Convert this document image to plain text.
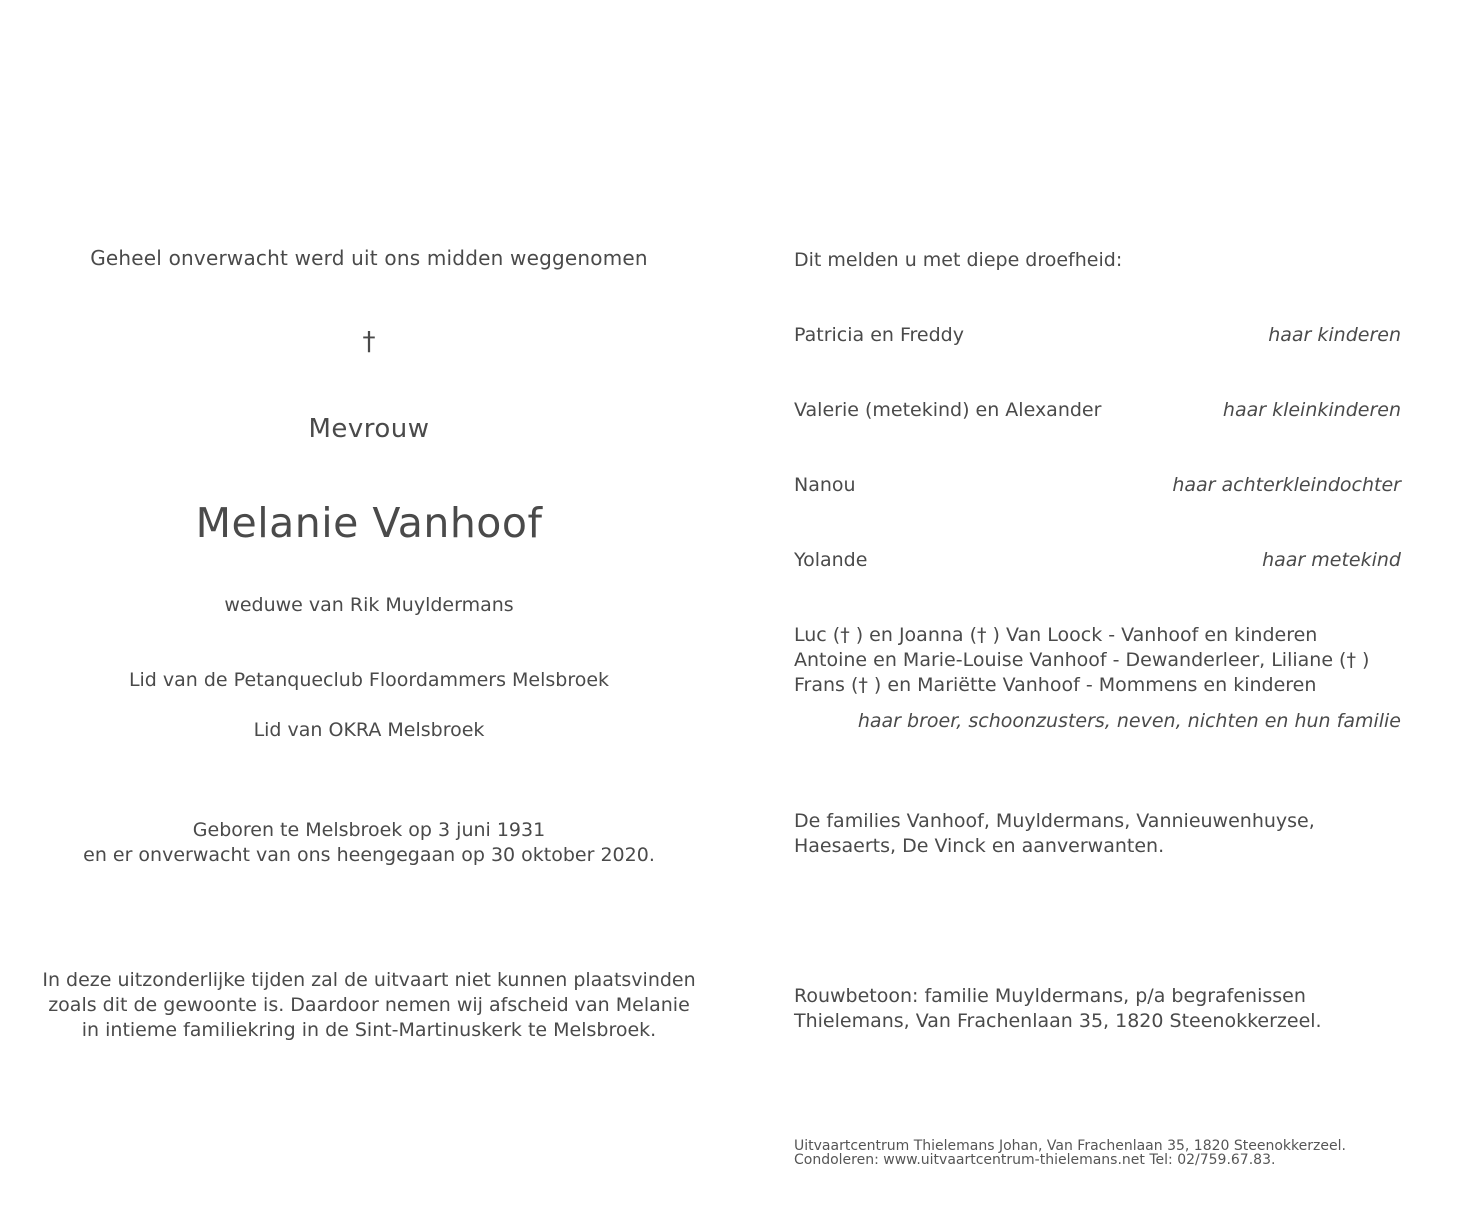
Geheel onverwacht werd uit ons midden weggenomen

†

Mevrouw

Melanie Vanhoof

weduwe van Rik Muyldermans

Lid van de Petanqueclub Floordammers Melsbroek

Lid van OKRA Melsbroek

Geboren te Melsbroek op 3 juni 1931
en er onverwacht van ons heengegaan op 30 oktober 2020.
In deze uitzonderlijke tijden zal de uitvaart niet kunnen plaatsvinden
zoals dit de gewoonte is. Daardoor nemen wij afscheid van Melanie
in intieme familiekring in de Sint-Martinuskerk te Melsbroek.

Dit melden u met diepe droefheid:

Patricia en Freddy	haar kinderen
Valerie (metekind) en Alexander	haar kleinkinderen
Nanou	haar achterkleindochter
Yolande	haar metekind
Luc († ) en Joanna († ) Van Loock - Vanhoof en kinderen
Antoine en Marie-Louise Vanhoof - Dewanderleer, Liliane († )
Frans († ) en Mariëtte Vanhoof - Mommens en kinderen

haar broer, schoonzusters, neven, nichten en hun familie

De families Vanhoof, Muyldermans, Vannieuwenhuyse,
Haesaerts, De Vinck en aanverwanten.
Rouwbetoon: familie Muyldermans, p/a begrafenissen
Thielemans, Van Frachenlaan 35, 1820 Steenokkerzeel.
Uitvaartcentrum Thielemans Johan, Van Frachenlaan 35, 1820 Steenokkerzeel.
Condoleren: www.uitvaartcentrum-thielemans.net Tel: 02/759.67.83.
